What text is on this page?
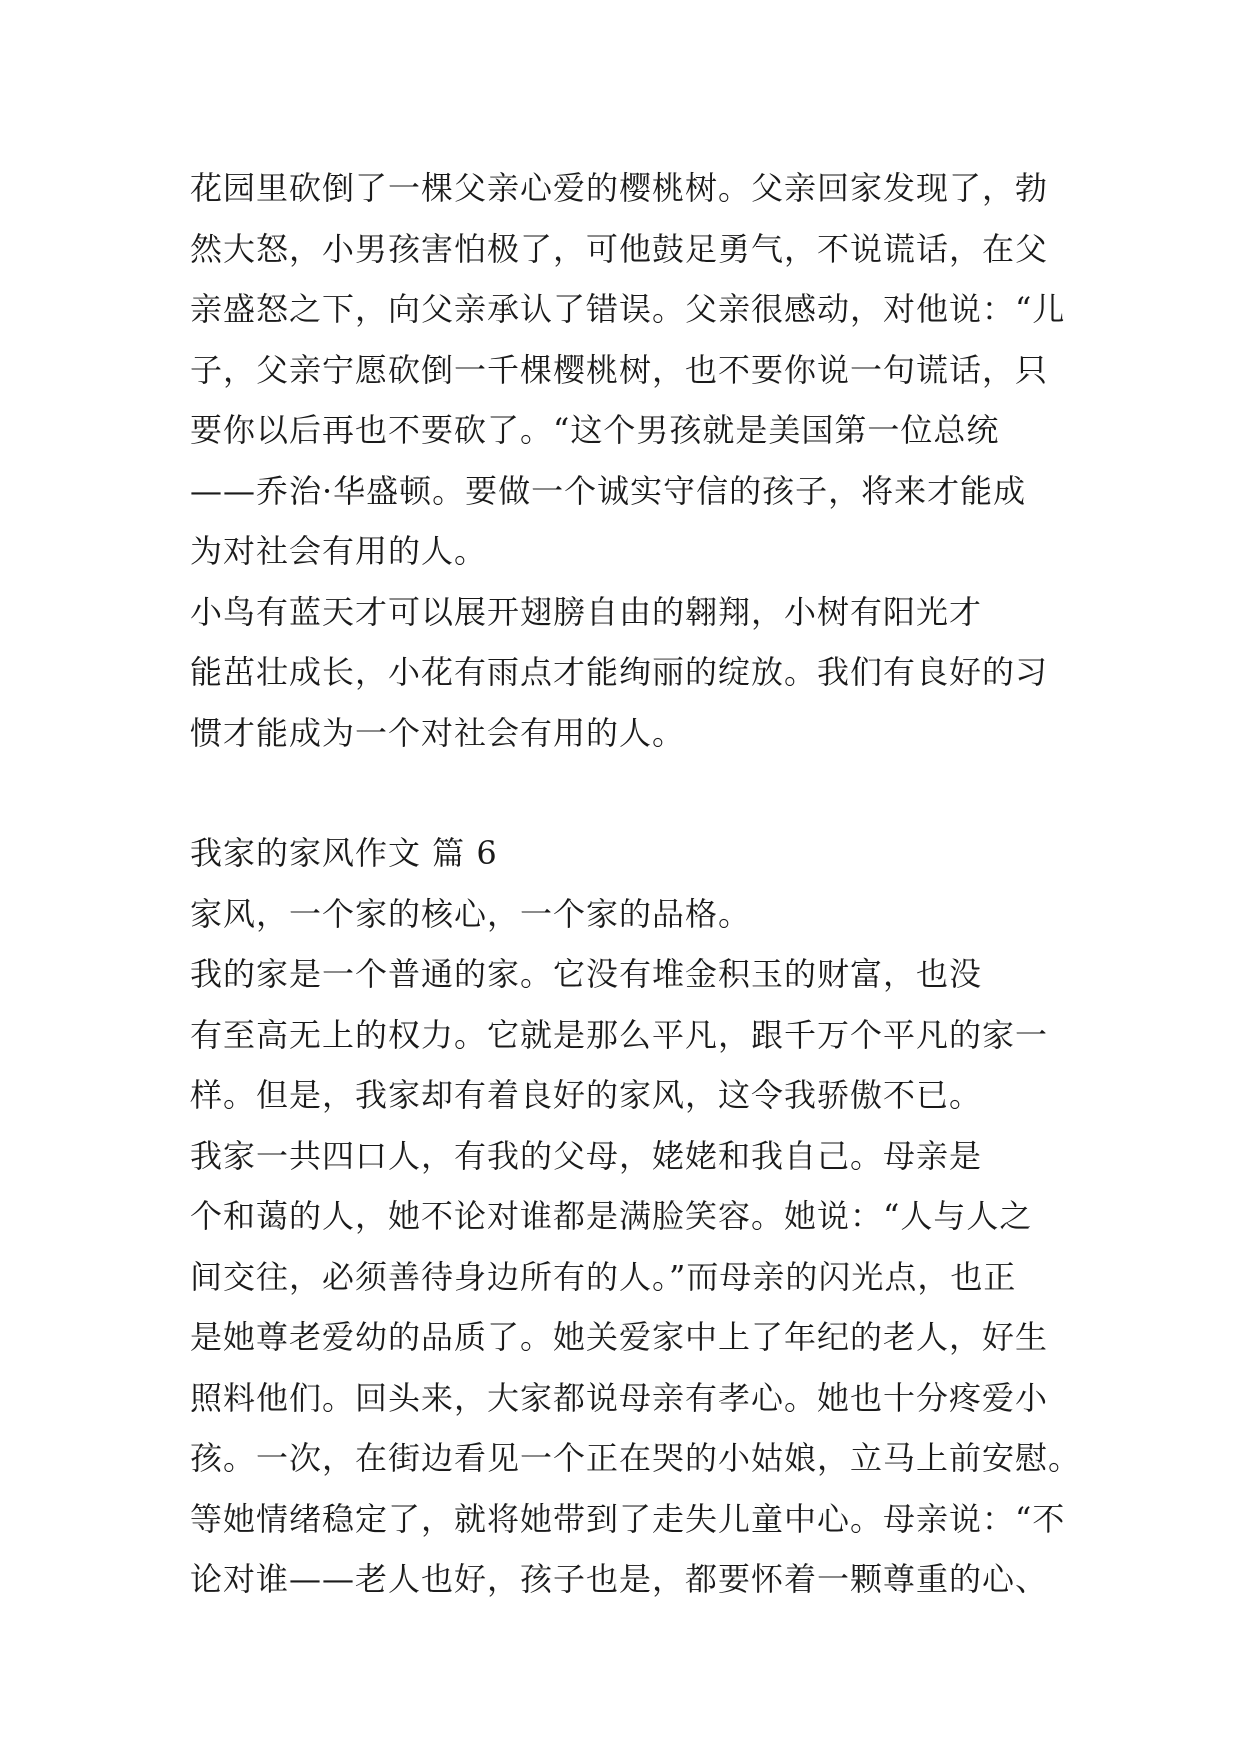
花园里砍倒了一棵父亲心爱的樱桃树。父亲回家发现了，勃

然大怒，小男孩害怕极了，可他鼓足勇气，不说谎话，在父

亲盛怒之下，向父亲承认了错误。父亲很感动，对他说：“儿

子，父亲宁愿砍倒一千棵樱桃树，也不要你说一句谎话，只

要你以后再也不要砍了。“这个男孩就是美国第一位总统

——乔治·华盛顿。要做一个诚实守信的孩子，将来才能成

为对社会有用的人。

小鸟有蓝天才可以展开翅膀自由的翱翔，小树有阳光才

能茁壮成长，小花有雨点才能绚丽的绽放。我们有良好的习

惯才能成为一个对社会有用的人。

我家的家风作文 篇 6

家风，一个家的核心，一个家的品格。

我的家是一个普通的家。它没有堆金积玉的财富，也没

有至高无上的权力。它就是那么平凡，跟千万个平凡的家一

样。但是，我家却有着良好的家风，这令我骄傲不已。

我家一共四口人，有我的父母，姥姥和我自己。母亲是

个和蔼的人，她不论对谁都是满脸笑容。她说：“人与人之

间交往，必须善待身边所有的人。”而母亲的闪光点，也正

是她尊老爱幼的品质了。她关爱家中上了年纪的老人，好生

照料他们。回头来，大家都说母亲有孝心。她也十分疼爱小

孩。一次，在街边看见一个正在哭的小姑娘，立马上前安慰。

等她情绪稳定了，就将她带到了走失儿童中心。母亲说：“不

论对谁——老人也好，孩子也是，都要怀着一颗尊重的心、
